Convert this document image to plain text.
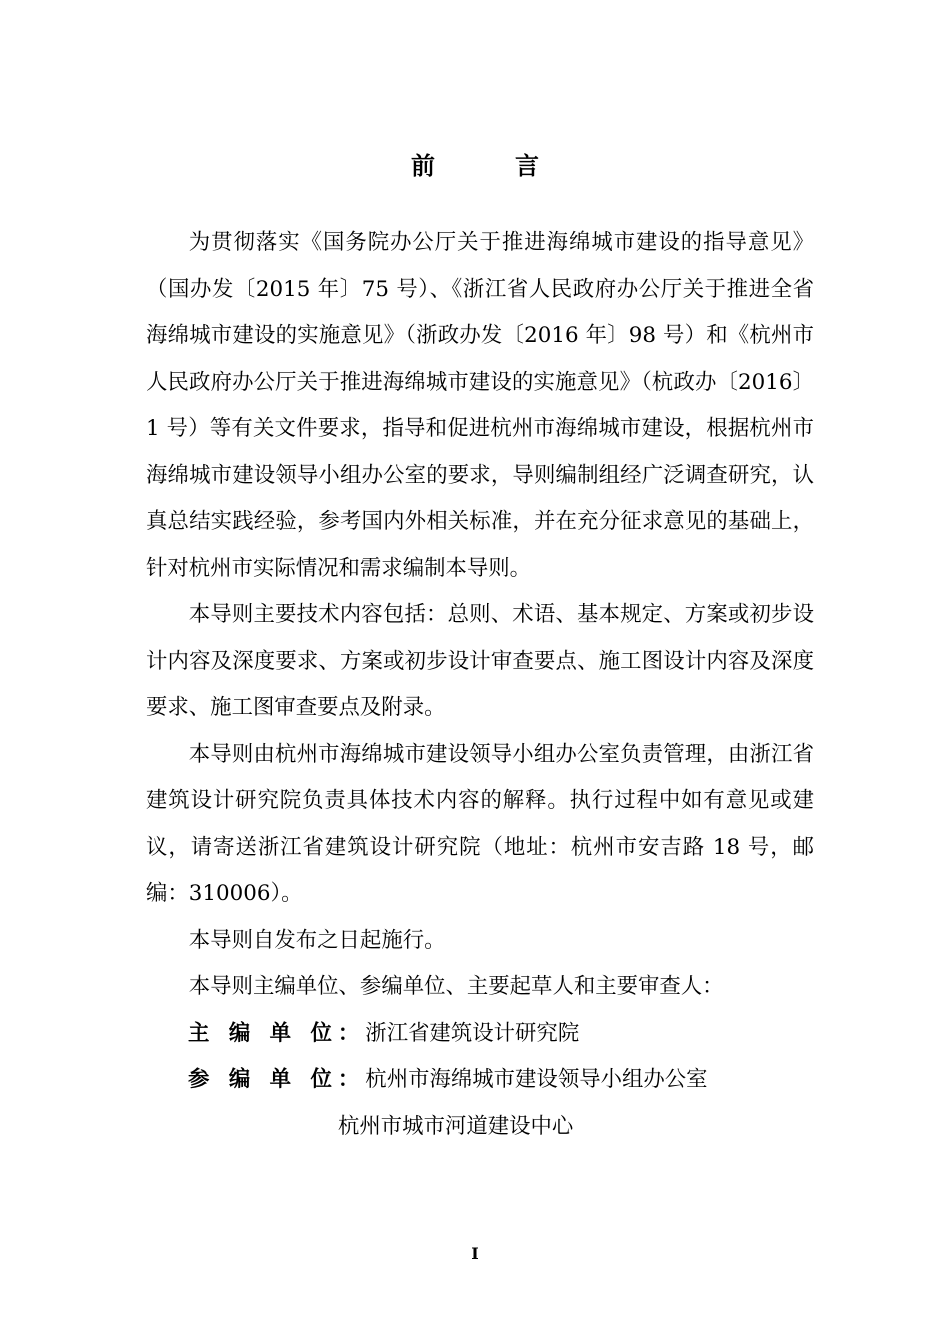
前　言

为贯彻落实《国务院办公厅关于推进海绵城市建设的指导意见》（国办发〔2015 年〕75 号）、《浙江省人民政府办公厅关于推进全省海绵城市建设的实施意见》（浙政办发〔2016 年〕98 号）和《杭州市人民政府办公厅关于推进海绵城市建设的实施意见》（杭政办〔2016〕1 号）等有关文件要求，指导和促进杭州市海绵城市建设，根据杭州市海绵城市建设领导小组办公室的要求，导则编制组经广泛调查研究，认真总结实践经验，参考国内外相关标准，并在充分征求意见的基础上，针对杭州市实际情况和需求编制本导则。

本导则主要技术内容包括：总则、术语、基本规定、方案或初步设计内容及深度要求、方案或初步设计审查要点、施工图设计内容及深度要求、施工图审查要点及附录。

本导则由杭州市海绵城市建设领导小组办公室负责管理，由浙江省建筑设计研究院负责具体技术内容的解释。执行过程中如有意见或建议，请寄送浙江省建筑设计研究院（地址：杭州市安吉路 18 号，邮编：310006）。

本导则自发布之日起施行。

本导则主编单位、参编单位、主要起草人和主要审查人：

主 编 单 位：浙江省建筑设计研究院

参 编 单 位：杭州市海绵城市建设领导小组办公室

杭州市城市河道建设中心

I
